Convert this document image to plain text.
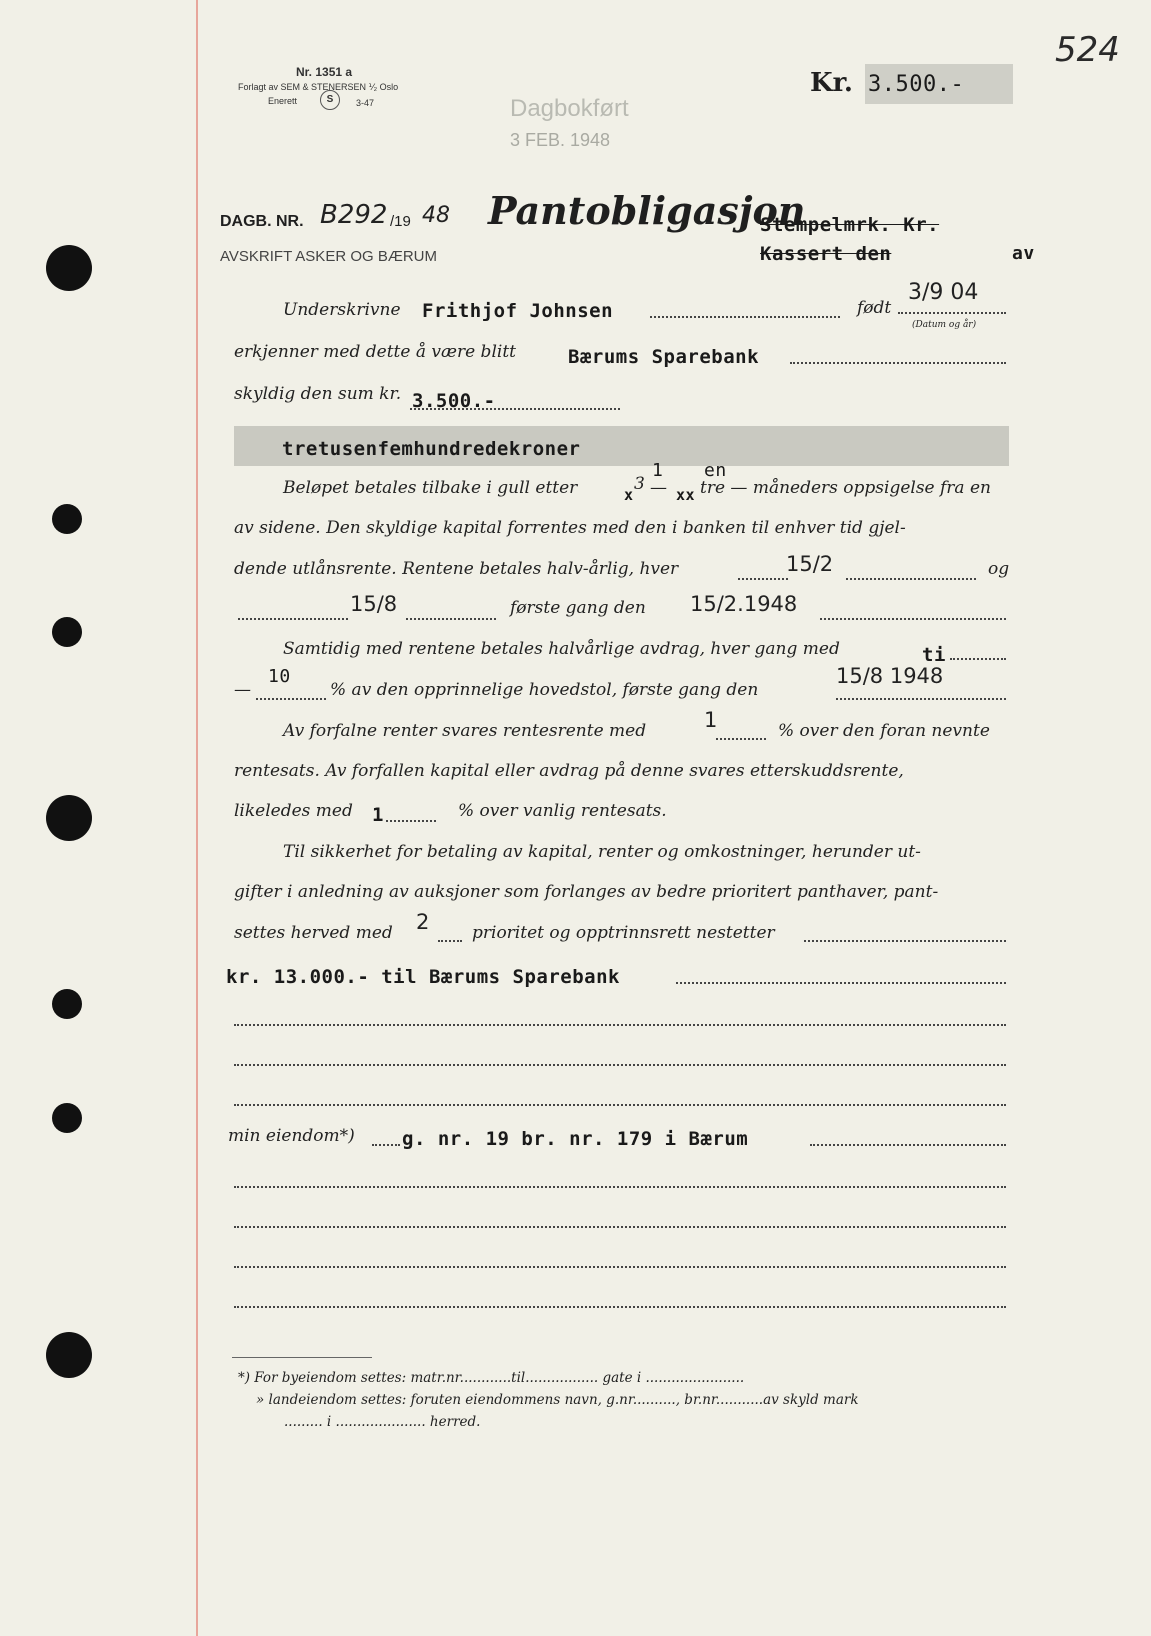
524
Nr. 1351 a
Forlagt av SEM & STENERSEN ⅟₂ Oslo
Enerett	S	3-47	Dagbokført
3 FEB. 1948
Kr. 3.500.-
DAGB. NR. B292 /19 48 Pantobligasjon
Stempelmrk. Kr.
AVSKRIFT ASKER OG BÆRUM	Kassert den	av
Underskrivne Frithjof Johnsen	født
3/9 04
(Datum og år)
erkjenner med dette å være blitt	Bærums Sparebank
skyldig den sum kr. 3.500.-
tretusenfemhundredekroner
Beløpet betales tilbake i gull etter
1
x
3 — xx
en
tre — måneders oppsigelse fra en
av sidene. Den skyldige kapital forrentes med den i banken til enhver tid gjel-
dende utlånsrente. Rentene betales halv-årlig, hver	15/2	og
15/8	første gang den 15/2.1948
Samtidig med rentene betales halvårlige avdrag, hver gang med	ti
—
10
% av den opprinnelige hovedstol, første gang den
15/8 1948
Av forfalne renter svares rentesrente med	1	% over den foran nevnte
rentesats. Av forfallen kapital eller avdrag på denne svares etterskuddsrente,
likeledes med 1	% over vanlig rentesats.
Til sikkerhet for betaling av kapital, renter og omkostninger, herunder ut-
gifter i anledning av auksjoner som forlanges av bedre prioritert panthaver, pant-
settes herved med 2	prioritet og opptrinnsrett nestetter
kr. 13.000.- til Bærums Sparebank
min eiendom*) g. nr. 19 br. nr. 179 i Bærum
*) For byeiendom settes: matr.nr............til................. gate i .......................
» landeiendom settes: foruten eiendommens navn, g.nr.........., br.nr...........av skyld mark
......... i ..................... herred.
